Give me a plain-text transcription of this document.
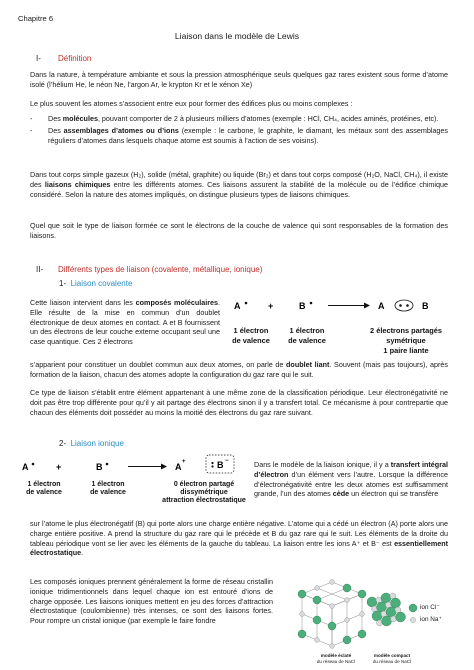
Chapitre 6
Liaison dans le modèle de Lewis
I- Définition

Dans la nature, à température ambiante et sous la pression atmosphérique seuls quelques gaz rares existent sous forme d’atome isolé (l’hélium He, le néon Ne, l’argon Ar, le krypton Kr et le xénon Xe)

Le plus souvent les atomes s’associent entre eux pour former des édifices plus ou moins complexes :

- Des molécules, pouvant comporter de 2 à plusieurs milliers d’atomes (exemple : HCl, CH₄, acides aminés, protéines, etc).
- Des assemblages d’atomes ou d’ions (exemple : le carbone, le graphite, le diamant, les métaux sont des assemblages réguliers d’atomes dans lesquels chaque atome est soumis à l’action de ses voisins).

Dans tout corps simple gazeux (H₂), solide (métal, graphite) ou liquide (Br₂) et dans tout corps composé (H₂O, NaCl, CH₄), il existe des liaisons chimiques entre les différents atomes. Ces liaisons assurent la stabilité de la molécule ou de l’édifice chimique considéré. Selon la nature des atomes impliqués, on distingue plusieurs types de liaisons chimiques.

Quel que soit le type de liaison formée ce sont le électrons de la couche de valence qui sont responsables de la formation des liaisons.

II- Différents types de liaison (covalente, métallique, ionique)
1- Liaison covalente

Cette liaison intervient dans les composés moléculaires. Elle résulte de la mise en commun d’un doublet électronique de deux atomes en contact. A et B fournissent un des électrons de leur couche externe occupant seul une case quantique. Ces 2 électrons

s’apparient pour constituer un doublet commun aux deux atomes, on parle de doublet liant. Souvent (mais pas toujours), après formation de la liaison, chacun des atomes adopte la configuration du gaz rare qui le suit.

A	+	B	A	B
1 électron
de valence
1 électron
de valence
2 électrons partagés
symétrique
1 paire liante

Ce type de liaison s’établit entre élément appartenant à une même zone de la classification périodique. Leur électronégativité ne doit pas être trop différente pour qu’il y ait partage des électrons sinon il y a transfert total. Ce mécanisme à pour contrepartie que chacun des éléments doit posséder au moins la moitié des électrons du gaz rare suivant.

2- Liaison ionique
A	+	B	A +	B −
1 électron
de valence
1 électron
de valence
0 électron partagé
dissymétrique
attraction électrostatique

Dans le modèle de la liaison ionique, il y a transfert intégral d’électron d’un élément vers l’autre. Lorsque la différence d’électronégativité entre les deux atomes est suffisamment grande, l’un des atomes cède un électron qui se transfère

sur l’atome le plus électronégatif (B) qui porte alors une charge entière négative. L’atome qui a cédé un électron (A) porte alors une charge entière positive. A prend la structure du gaz rare qui le précède et B du gaz rare qui le suit. Les éléments de la droite du tableau périodique vont se lier avec les éléments de la gauche du tableau. La liaison entre les ions A⁺ et B⁻ est essentiellement électrostatique.

Les composés ioniques prennent généralement la forme de réseau cristallin ionique tridimentionnels dans lequel chaque ion est entouré d’ions de charge opposée. Les liaisons ioniques mettent en jeu des forces d’attraction électrostatique (coulombienne) très intenses, ce sont des liaisons fortes. Pour rompre un cristal ionique (par exemple le faire fondre

ion Cl⁻
ion Na⁺
modèle éclaté
du réseau de NaCl
modèle compact
du réseau de NaCl
